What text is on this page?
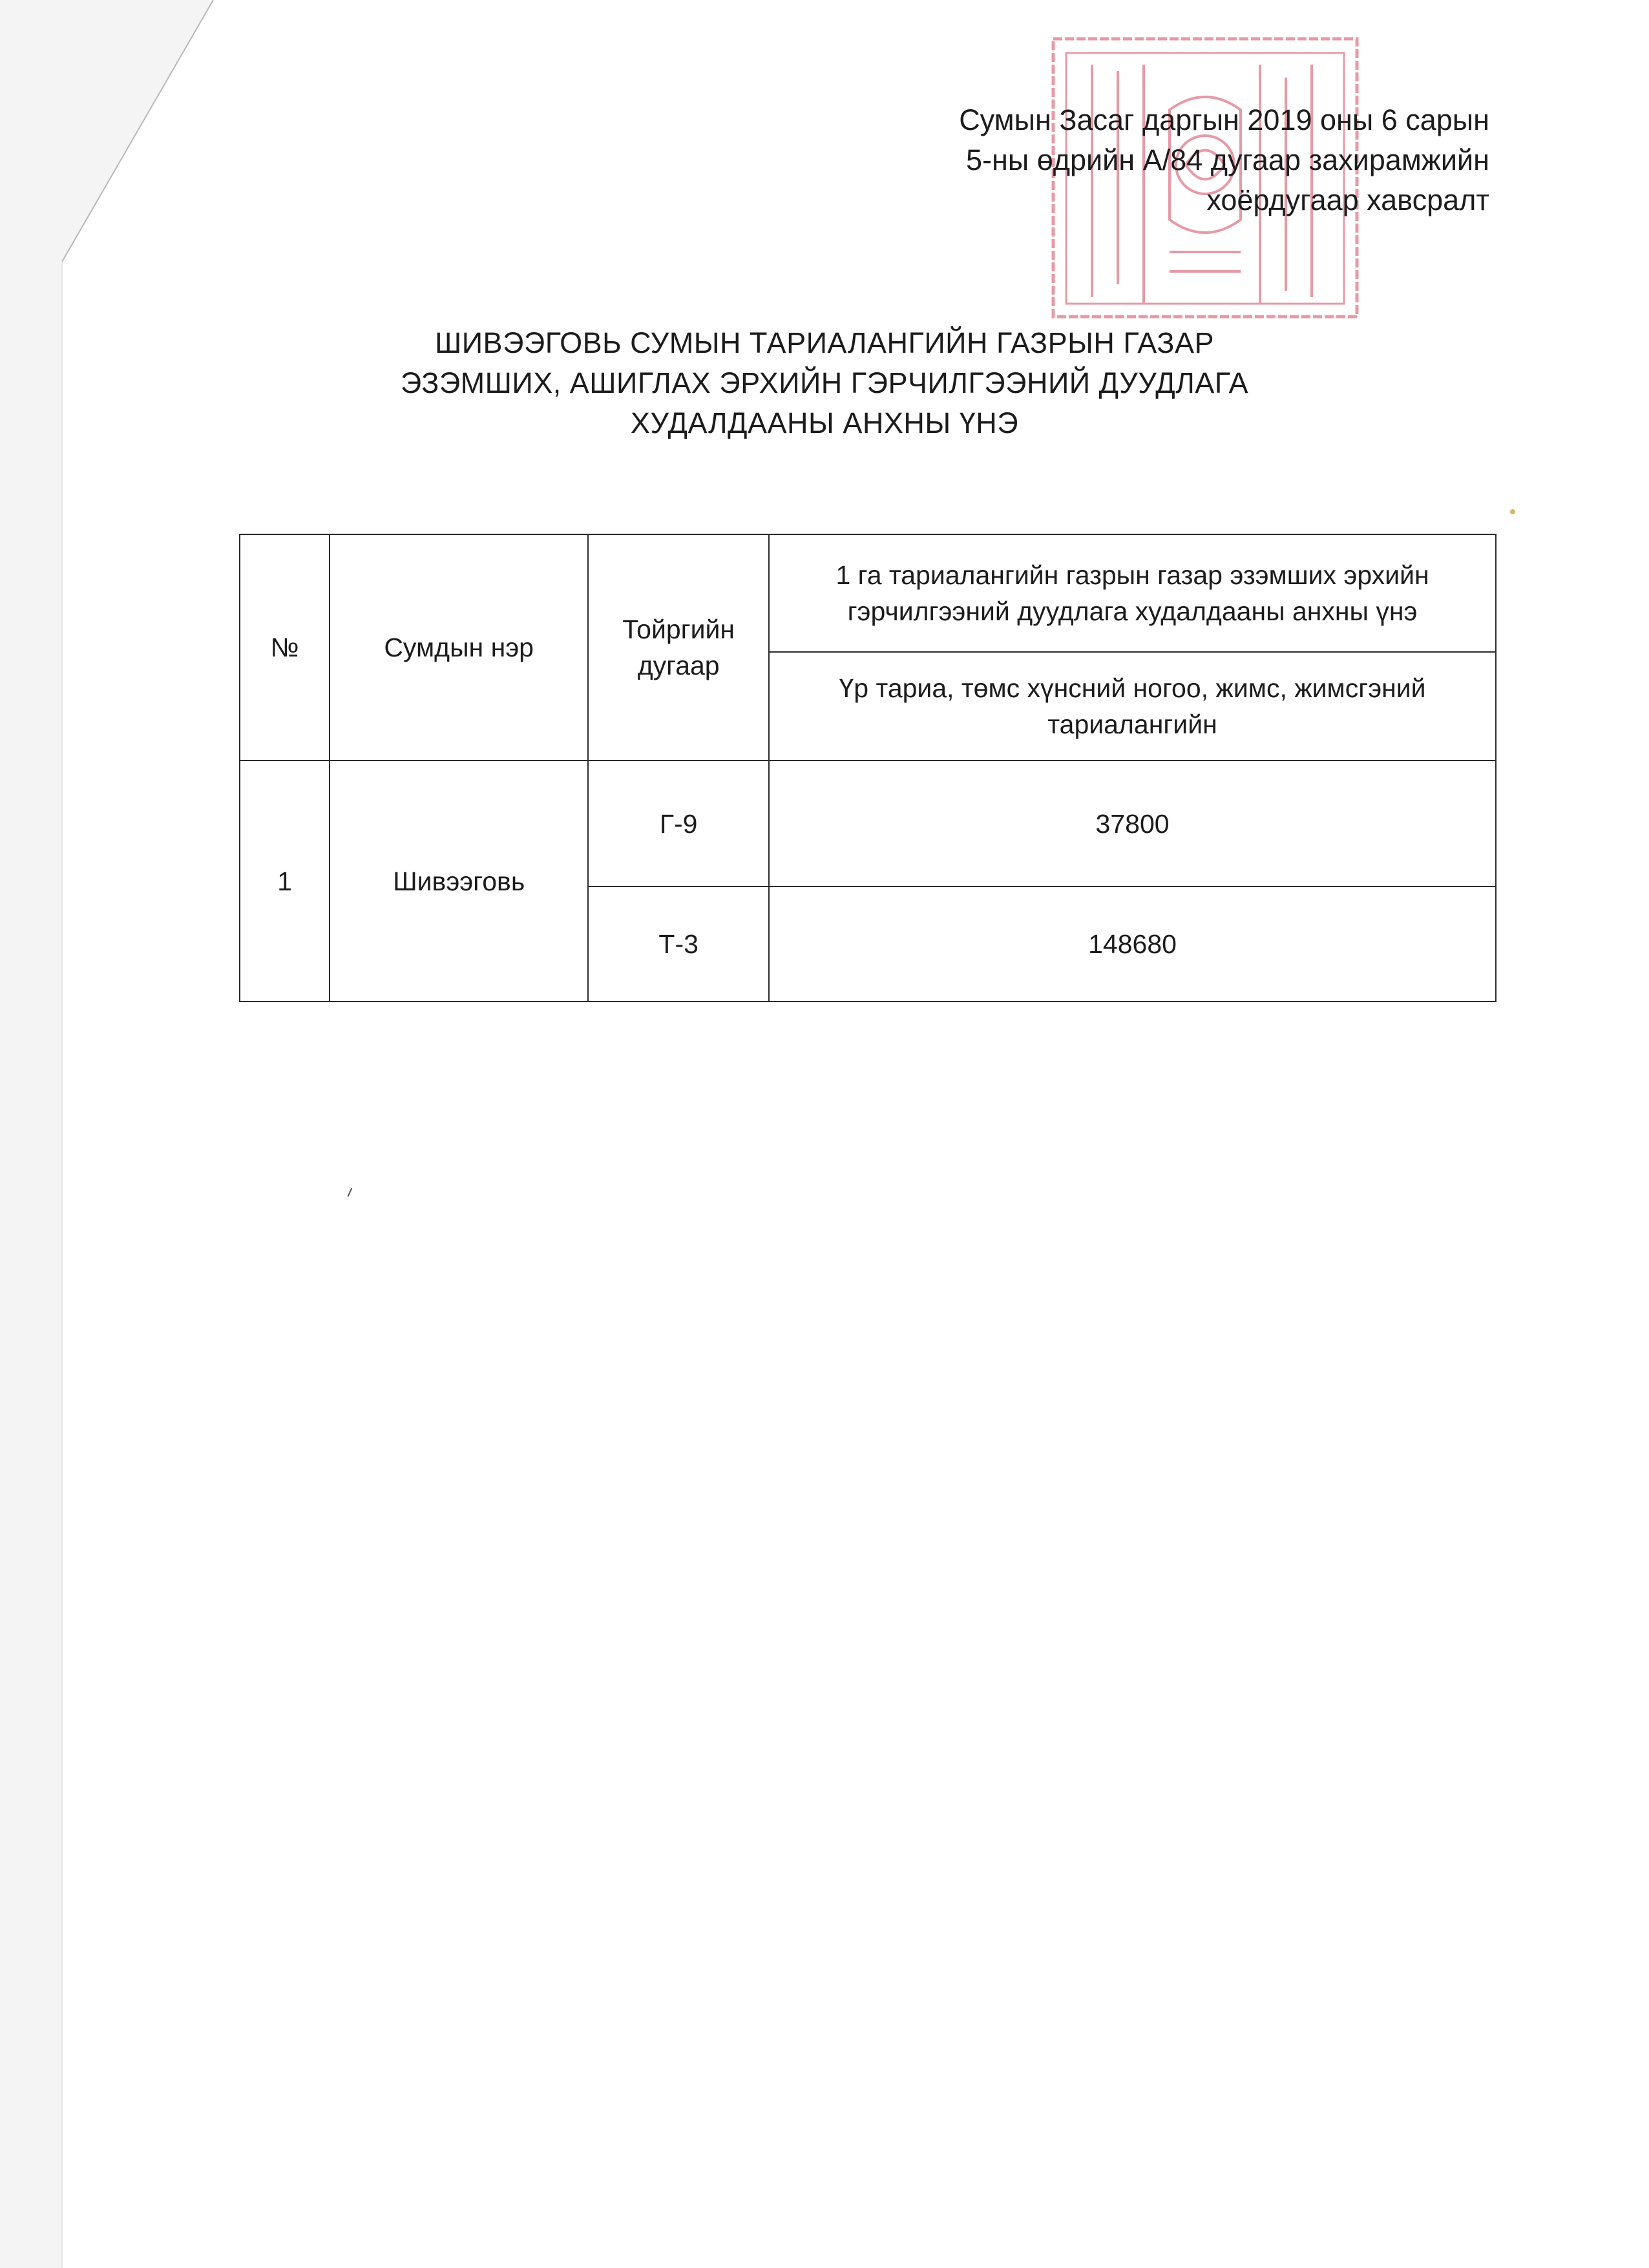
Сумын Засаг даргын 2019 оны 6 сарын
5-ны өдрийн А/84 дугаар захирамжийн
хоёрдугаар хавсралт
ШИВЭЭГОВЬ СУМЫН ТАРИАЛАНГИЙН ГАЗРЫН ГАЗАР
ЭЗЭМШИХ, АШИГЛАХ ЭРХИЙН ГЭРЧИЛГЭЭНИЙ ДУУДЛАГА
ХУДАЛДААНЫ АНХНЫ ҮНЭ
№	Сумдын нэр	Тойргийн дугаар	1 га тариалангийн газрын газар эзэмших эрхийн гэрчилгээний дуудлага худалдааны анхны үнэ
			Үр тариа, төмс хүнсний ногоо, жимс, жимсгэний тариалангийн
1	Шивээговь	Г-9	37800
		Т-3	148680
